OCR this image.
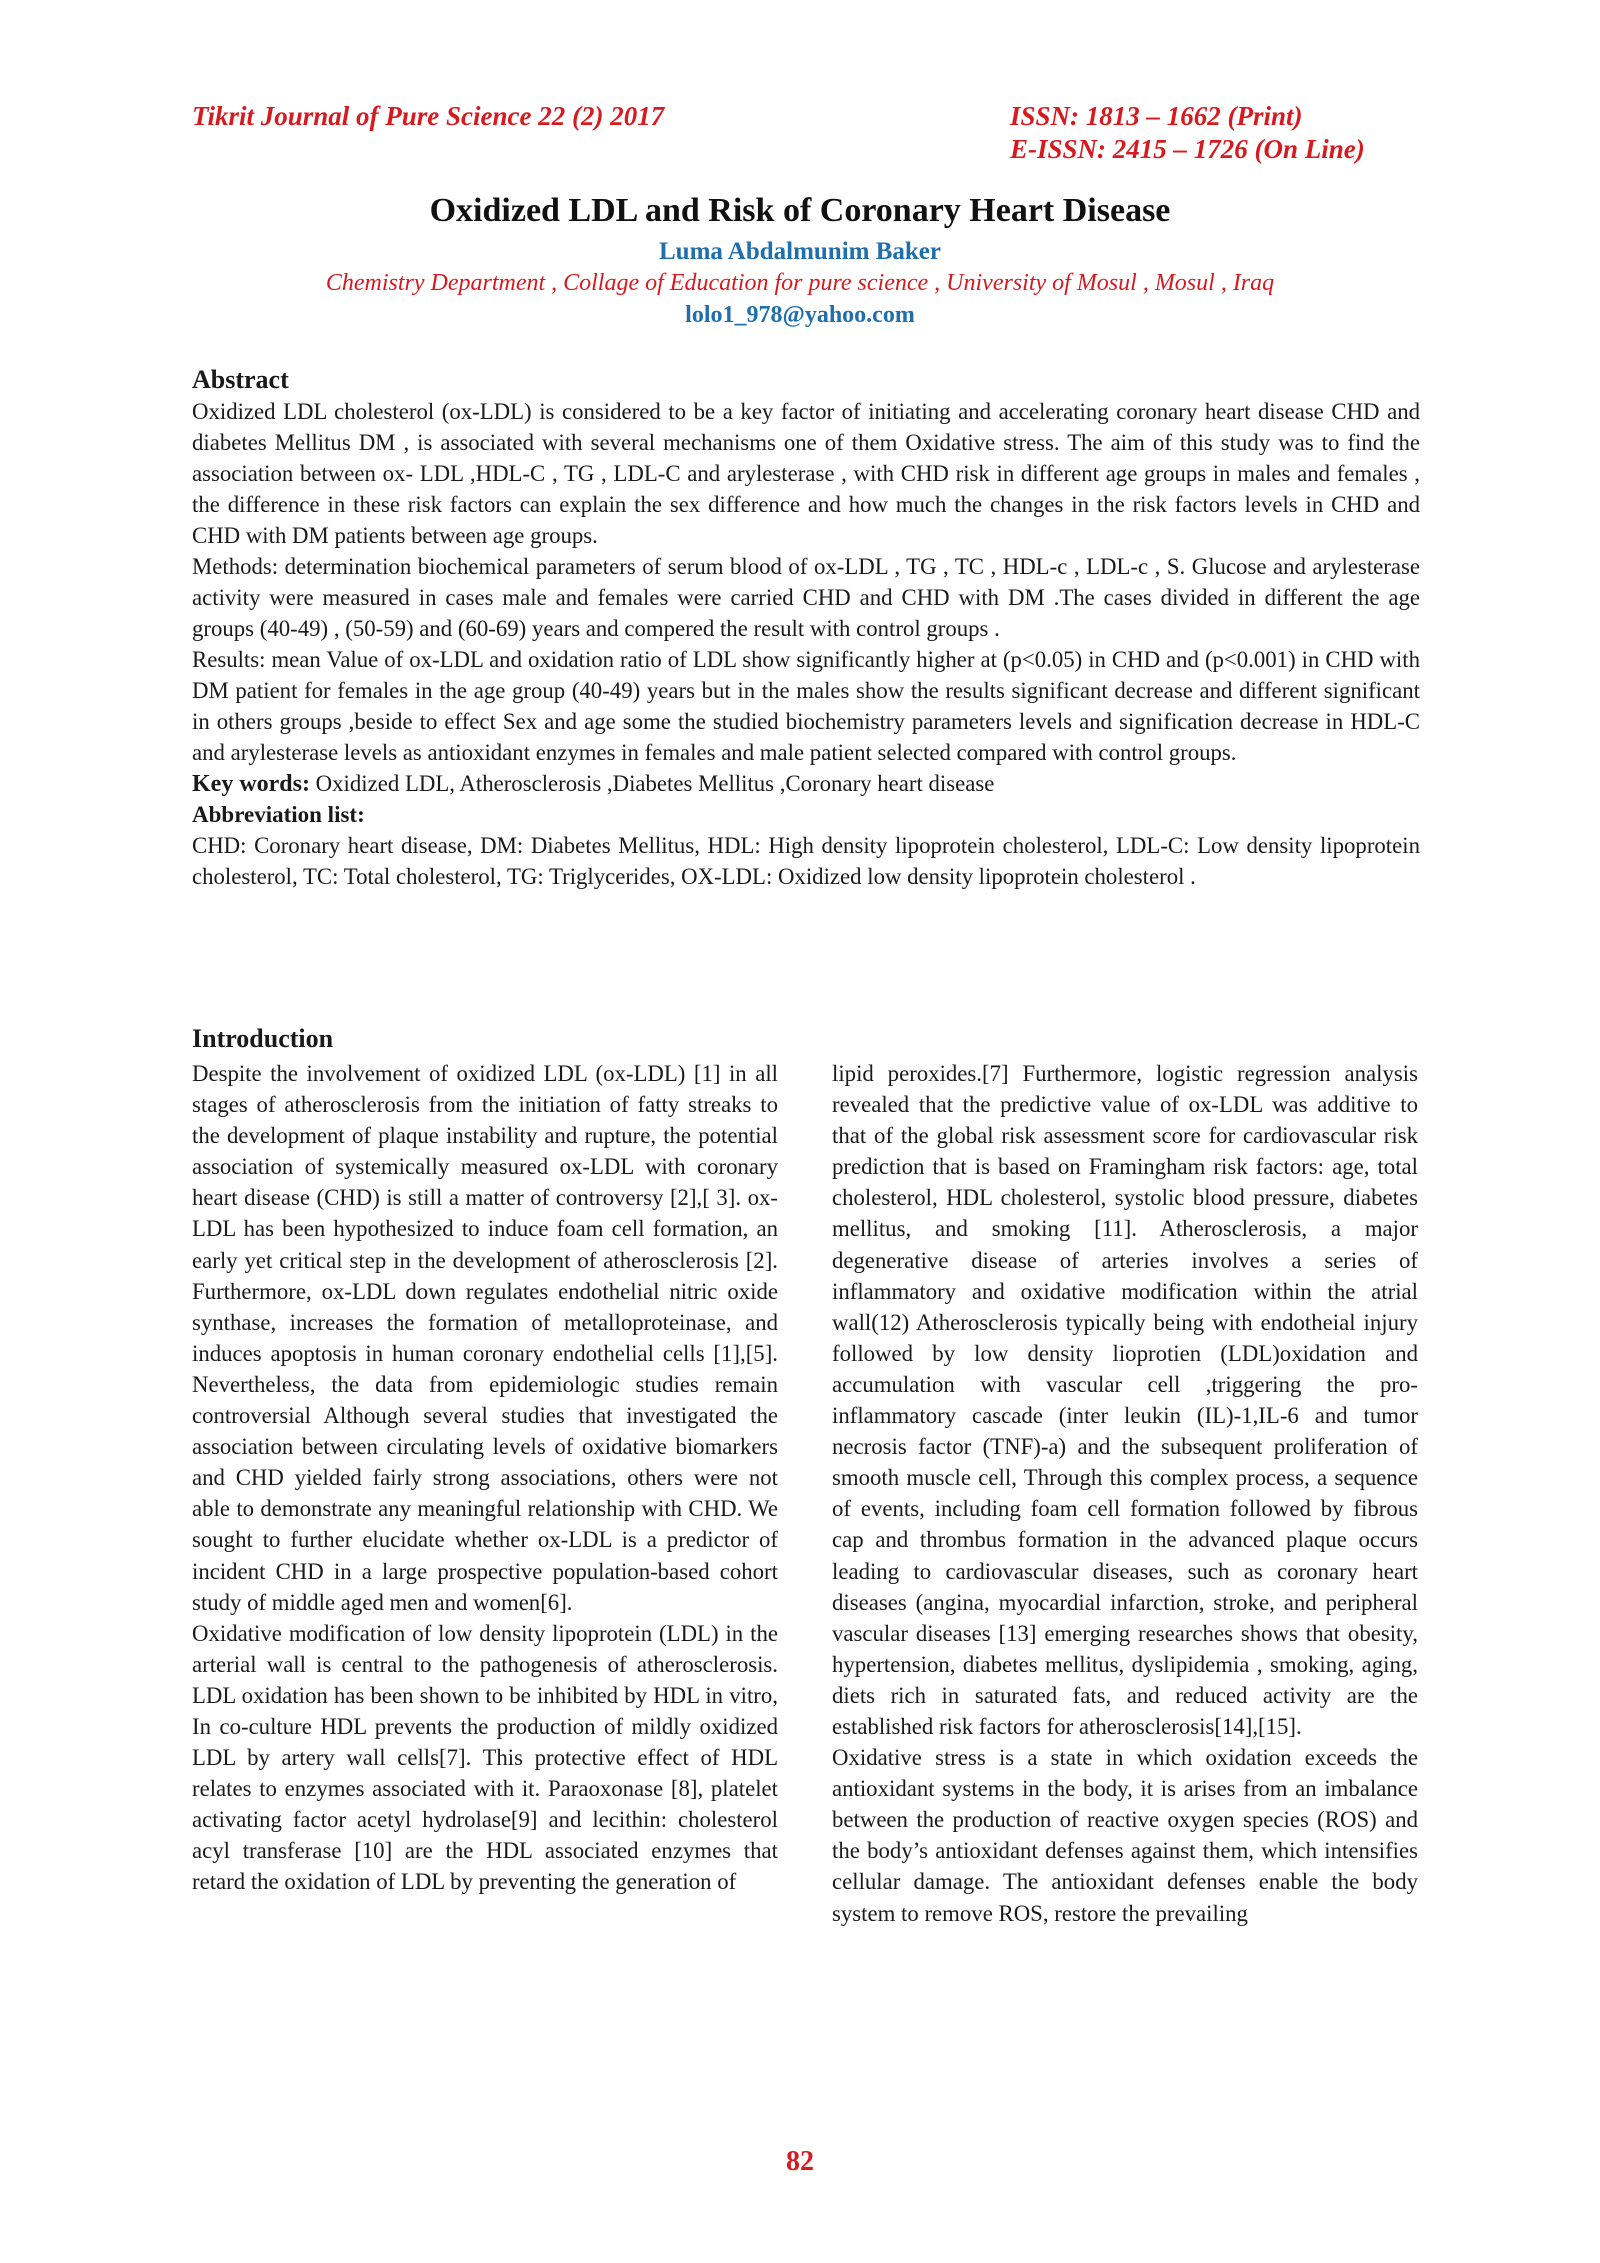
Tikrit Journal of Pure Science 22 (2) 2017	ISSN: 1813 – 1662 (Print)
E-ISSN: 2415 – 1726 (On Line)
Oxidized LDL and Risk of Coronary Heart Disease
Luma Abdalmunim Baker
Chemistry Department , Collage of Education for pure science , University of Mosul , Mosul , Iraq
lolo1_978@yahoo.com
Abstract

Oxidized LDL cholesterol (ox-LDL) is considered to be a key factor of initiating and accelerating coronary heart disease CHD and diabetes Mellitus DM , is associated with several mechanisms one of them Oxidative stress. The aim of this study was to find the association between ox- LDL ,HDL-C , TG , LDL-C and arylesterase , with CHD risk in different age groups in males and females , the difference in these risk factors can explain the sex difference and how much the changes in the risk factors levels in CHD and CHD with DM patients between age groups.

Methods: determination biochemical parameters of serum blood of ox-LDL , TG , TC , HDL-c , LDL-c , S. Glucose and arylesterase activity were measured in cases male and females were carried CHD and CHD with DM .The cases divided in different the age groups (40-49) , (50-59) and (60-69) years and compered the result with control groups .

Results: mean Value of ox-LDL and oxidation ratio of LDL show significantly higher at (p<0.05) in CHD and (p<0.001) in CHD with DM patient for females in the age group (40-49) years but in the males show the results significant decrease and different significant in others groups ,beside to effect Sex and age some the studied biochemistry parameters levels and signification decrease in HDL-C and arylesterase levels as antioxidant enzymes in females and male patient selected compared with control groups.

Key words: Oxidized LDL, Atherosclerosis ,Diabetes Mellitus ,Coronary heart disease

Abbreviation list:

CHD: Coronary heart disease, DM: Diabetes Mellitus, HDL: High density lipoprotein cholesterol, LDL-C: Low density lipoprotein cholesterol, TC: Total cholesterol, TG: Triglycerides, OX-LDL: Oxidized low density lipoprotein cholesterol .

Introduction

Despite the involvement of oxidized LDL (ox-LDL) [1] in all stages of atherosclerosis from the initiation of fatty streaks to the development of plaque instability and rupture, the potential association of systemically measured ox-LDL with coronary heart disease (CHD) is still a matter of controversy [2],[ 3]. ox-LDL has been hypothesized to induce foam cell formation, an early yet critical step in the development of atherosclerosis [2]. Furthermore, ox-LDL down regulates endothelial nitric oxide synthase, increases the formation of metalloproteinase, and induces apoptosis in human coronary endothelial cells [1],[5]. Nevertheless, the data from epidemiologic studies remain controversial Although several studies that investigated the association between circulating levels of oxidative biomarkers and CHD yielded fairly strong associations, others were not able to demonstrate any meaningful relationship with CHD. We sought to further elucidate whether ox-LDL is a predictor of incident CHD in a large prospective population-based cohort study of middle aged men and women[6].

Oxidative modification of low density lipoprotein (LDL) in the arterial wall is central to the pathogenesis of atherosclerosis. LDL oxidation has been shown to be inhibited by HDL in vitro, In co-culture HDL prevents the production of mildly oxidized LDL by artery wall cells[7]. This protective effect of HDL relates to enzymes associated with it. Paraoxonase [8], platelet activating factor acetyl hydrolase[9] and lecithin: cholesterol acyl transferase [10] are the HDL associated enzymes that retard the oxidation of LDL by preventing the generation of

lipid peroxides.[7] Furthermore, logistic regression analysis revealed that the predictive value of ox-LDL was additive to that of the global risk assessment score for cardiovascular risk prediction that is based on Framingham risk factors: age, total cholesterol, HDL cholesterol, systolic blood pressure, diabetes mellitus, and smoking [11]. Atherosclerosis, a major degenerative disease of arteries involves a series of inflammatory and oxidative modification within the atrial wall(12) Atherosclerosis typically being with endotheial injury followed by low density lioprotien (LDL)oxidation and accumulation with vascular cell ,triggering the pro-inflammatory cascade (inter leukin (IL)-1,IL-6 and tumor necrosis factor (TNF)-a) and the subsequent proliferation of smooth muscle cell, Through this complex process, a sequence of events, including foam cell formation followed by fibrous cap and thrombus formation in the advanced plaque occurs leading to cardiovascular diseases, such as coronary heart diseases (angina, myocardial infarction, stroke, and peripheral vascular diseases [13] emerging researches shows that obesity, hypertension, diabetes mellitus, dyslipidemia , smoking, aging, diets rich in saturated fats, and reduced activity are the established risk factors for atherosclerosis[14],[15].

Oxidative stress is a state in which oxidation exceeds the antioxidant systems in the body, it is arises from an imbalance between the production of reactive oxygen species (ROS) and the body’s antioxidant defenses against them, which intensifies cellular damage. The antioxidant defenses enable the body system to remove ROS, restore the prevailing

82
